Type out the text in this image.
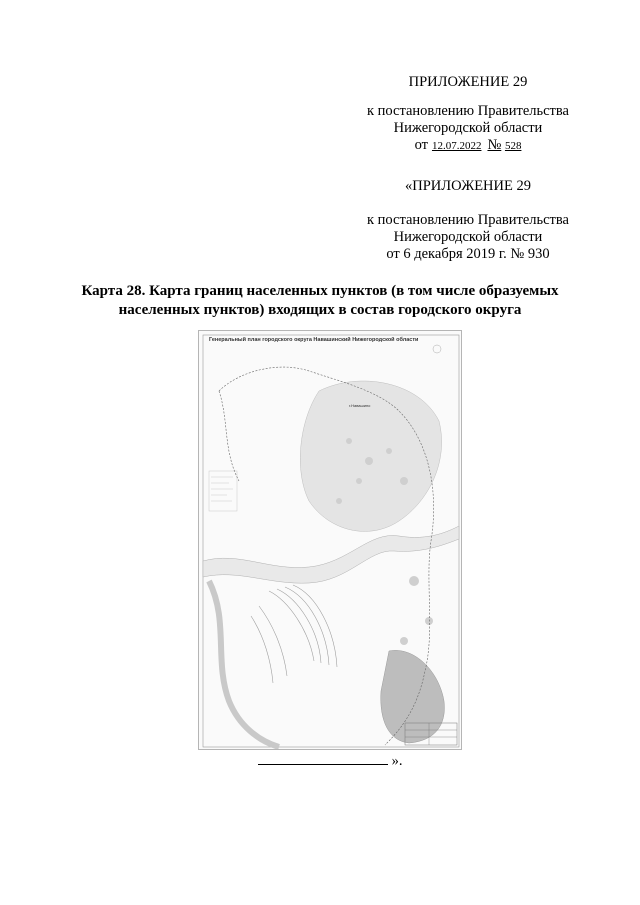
ПРИЛОЖЕНИЕ 29
к постановлению Правительства
Нижегородской области
от 12.07.2022 № 528
«ПРИЛОЖЕНИЕ 29
к постановлению Правительства
Нижегородской области
от 6 декабря 2019 г. № 930
Карта 28. Карта границ населенных пунктов (в том числе образуемых
населенных пунктов) входящих в состав городского округа
Генеральный план городского округа Навашинский Нижегородской области
г.Навашино
».
